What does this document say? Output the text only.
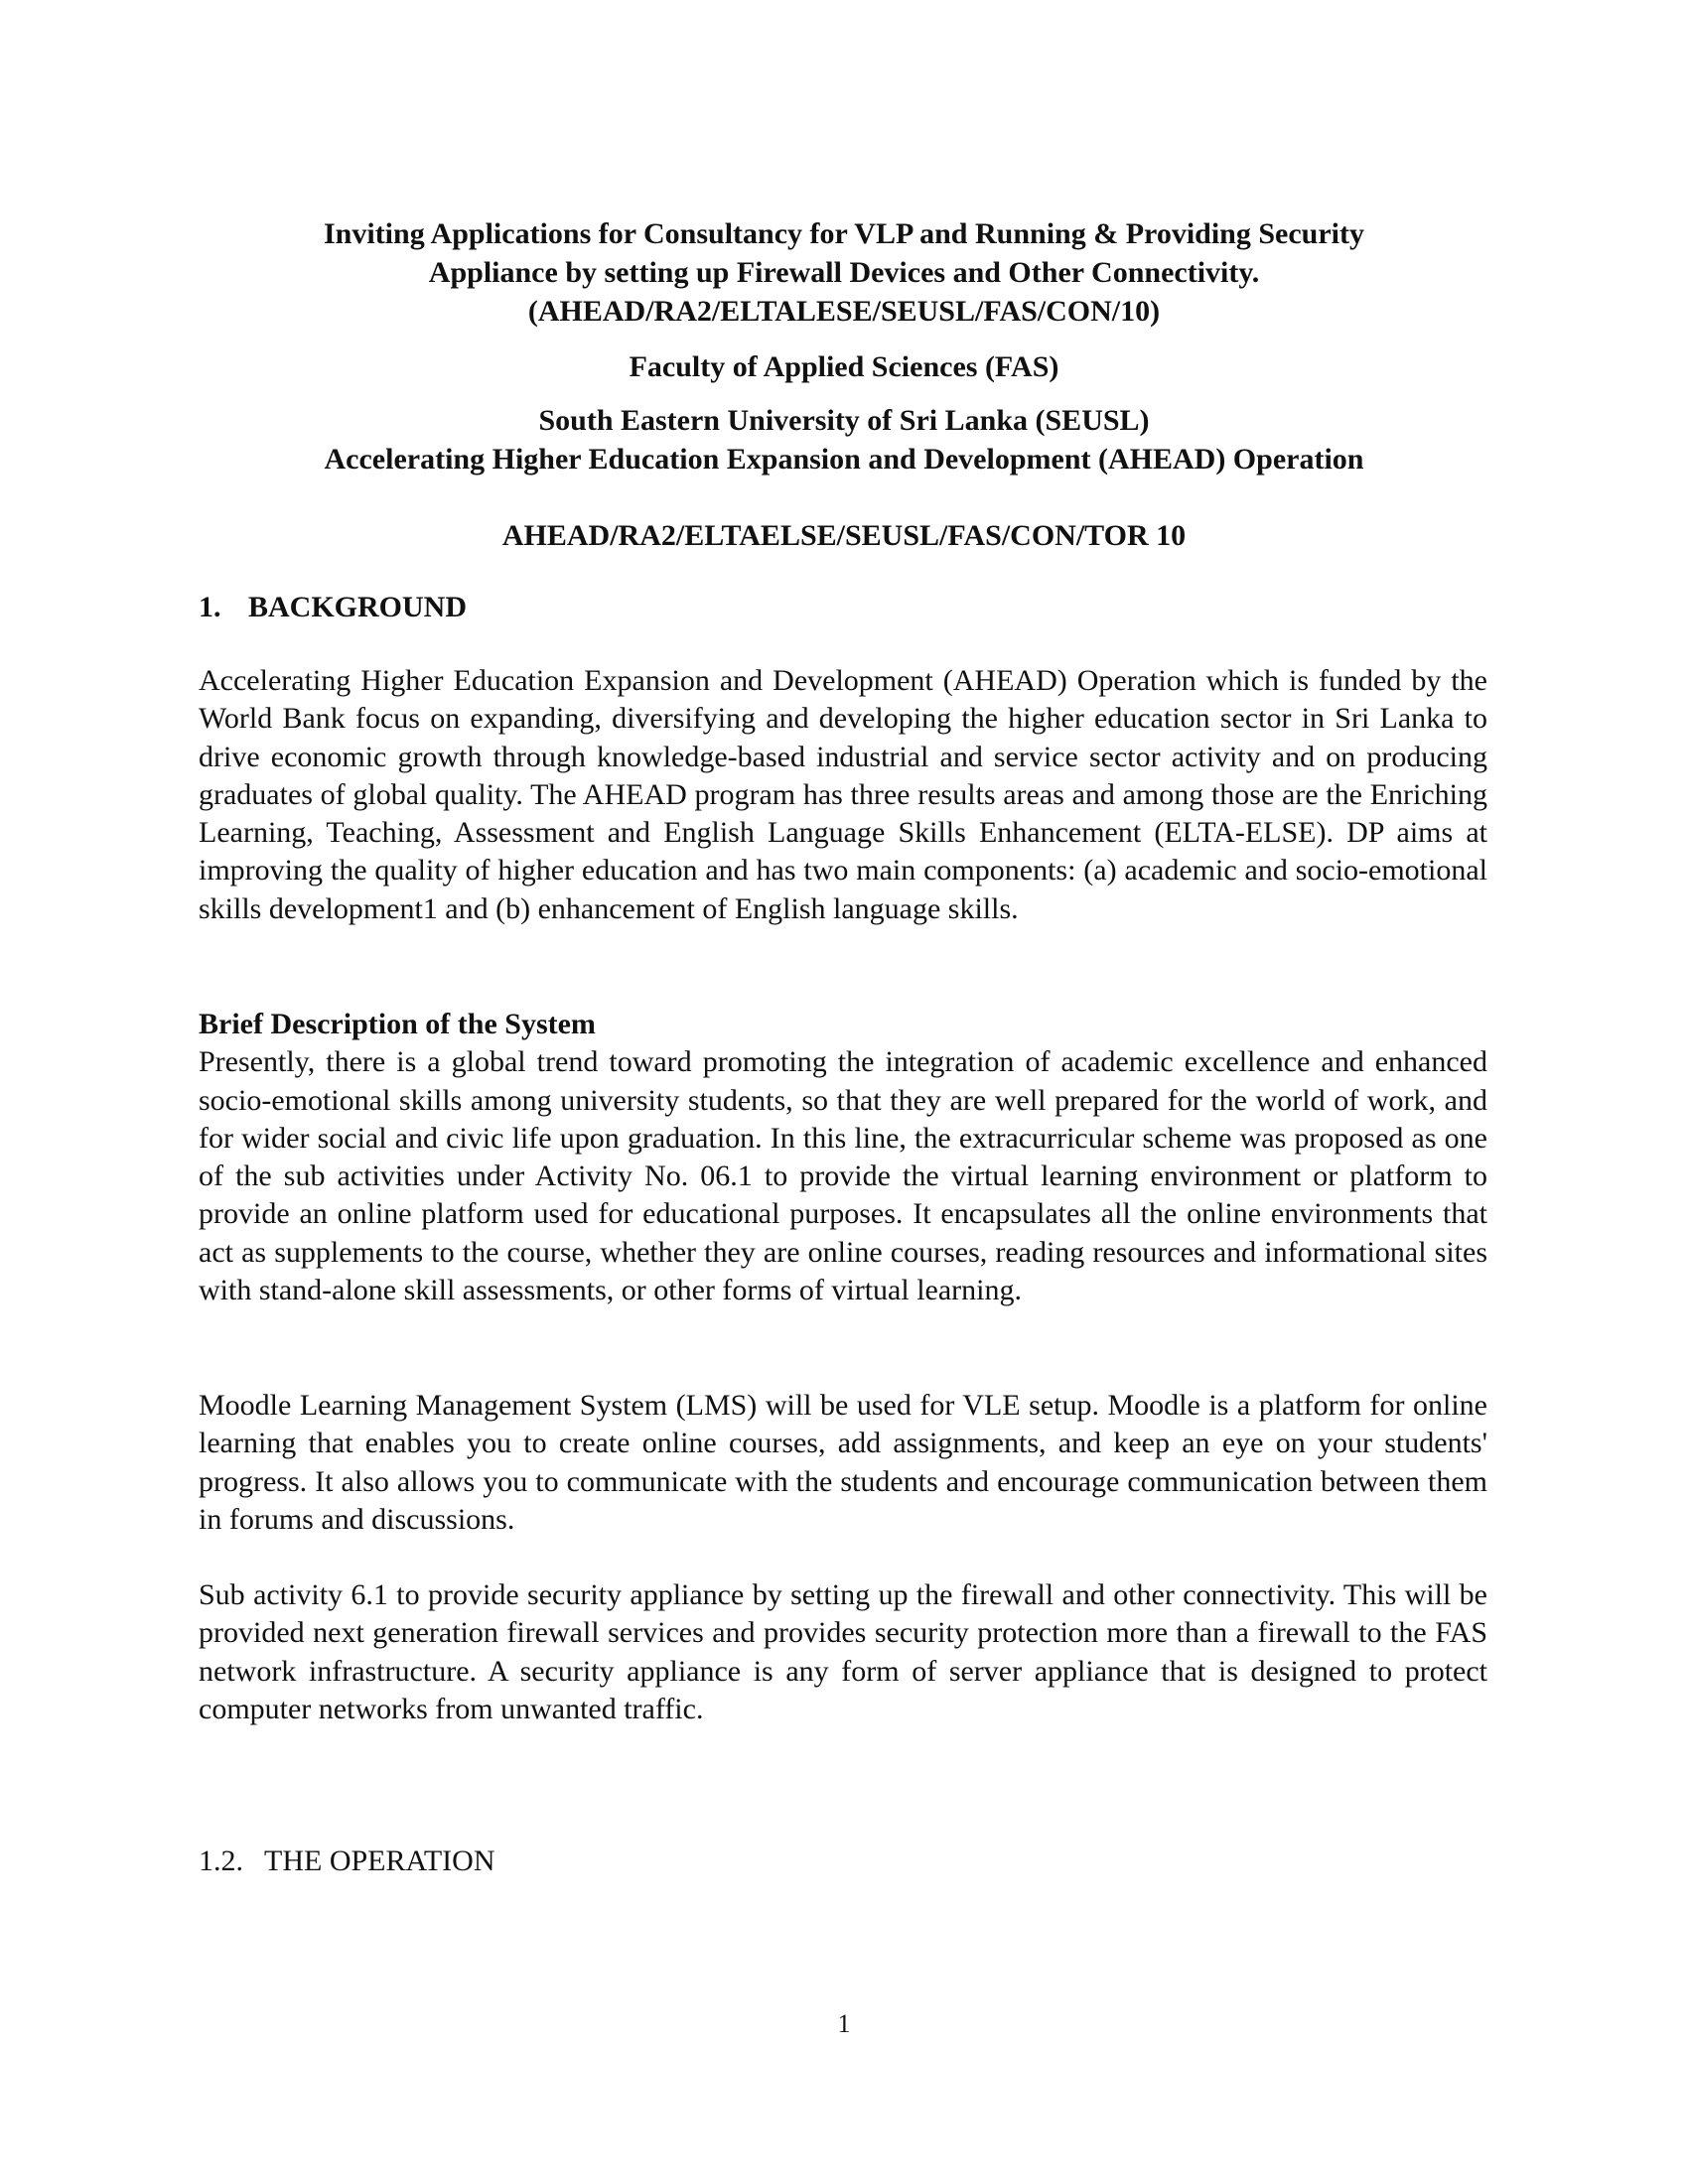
Inviting Applications for Consultancy for VLP and Running & Providing Security
Appliance by setting up Firewall Devices and Other Connectivity.
(AHEAD/RA2/ELTALESE/SEUSL/FAS/CON/10)
Faculty of Applied Sciences (FAS)
South Eastern University of Sri Lanka (SEUSL)
Accelerating Higher Education Expansion and Development (AHEAD) Operation
AHEAD/RA2/ELTAELSE/SEUSL/FAS/CON/TOR 10
1. BACKGROUND

Accelerating Higher Education Expansion and Development (AHEAD) Operation which is funded by the World Bank focus on expanding, diversifying and developing the higher education sector in Sri Lanka to drive economic growth through knowledge-based industrial and service sector activity and on producing graduates of global quality. The AHEAD program has three results areas and among those are the Enriching Learning, Teaching, Assessment and English Language Skills Enhancement (ELTA-ELSE). DP aims at improving the quality of higher education and has two main components: (a) academic and socio-emotional skills development1 and (b) enhancement of English language skills.

Brief Description of the System
Presently, there is a global trend toward promoting the integration of academic excellence and enhanced socio-emotional skills among university students, so that they are well prepared for the world of work, and for wider social and civic life upon graduation. In this line, the extracurricular scheme was proposed as one of the sub activities under Activity No. 06.1 to provide the virtual learning environment or platform to provide an online platform used for educational purposes. It encapsulates all the online environments that act as supplements to the course, whether they are online courses, reading resources and informational sites with stand-alone skill assessments, or other forms of virtual learning.

Moodle Learning Management System (LMS) will be used for VLE setup. Moodle is a platform for online learning that enables you to create online courses, add assignments, and keep an eye on your students' progress. It also allows you to communicate with the students and encourage communication between them in forums and discussions.

Sub activity 6.1 to provide security appliance by setting up the firewall and other connectivity. This will be provided next generation firewall services and provides security protection more than a firewall to the FAS network infrastructure. A security appliance is any form of server appliance that is designed to protect computer networks from unwanted traffic.

1.2. THE OPERATION
1
